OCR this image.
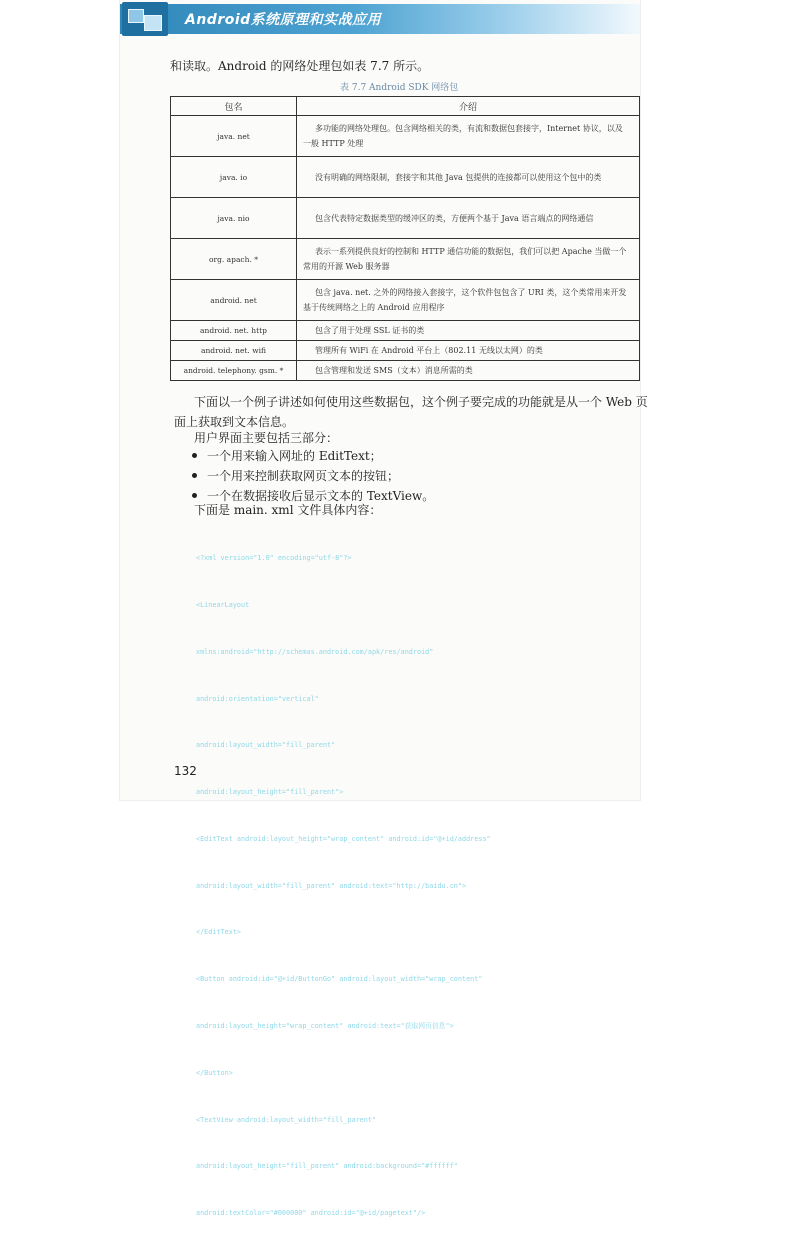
Android系统原理和实战应用
和读取。Android 的网络处理包如表 7.7 所示。
表 7.7 Android SDK 网络包
包名	介绍
java. net	多功能的网络处理包。包含网络相关的类，有流和数据包套接字，Internet 协议，以及一般 HTTP 处理
java. io	没有明确的网络限制，套接字和其他 Java 包提供的连接都可以使用这个包中的类
java. nio	包含代表特定数据类型的缓冲区的类，方便两个基于 Java 语言端点的网络通信
org. apach. *	表示一系列提供良好的控制和 HTTP 通信功能的数据包，我们可以把 Apache 当做一个常用的开源 Web 服务器
android. net	包含 java. net. 之外的网络接入套接字，这个软件包包含了 URI 类，这个类常用来开发基于传统网络之上的 Android 应用程序
android. net. http	包含了用于处理 SSL 证书的类
android. net. wifi	管理所有 WiFi 在 Android 平台上（802.11 无线以太网）的类
android. telephony. gsm. *	包含管理和发送 SMS（文本）消息所需的类
下面以一个例子讲述如何使用这些数据包，这个例子要完成的功能就是从一个 Web 页
面上获取到文本信息。
用户界面主要包括三部分：
一个用来输入网址的 EditText；
一个用来控制获取网页文本的按钮；
一个在数据接收后显示文本的 TextView。
下面是 main. xml 文件具体内容：

<?xml version="1.0" encoding="utf-8"?>

<LinearLayout

xmlns:android="http://schemas.android.com/apk/res/android"

android:orientation="vertical"

android:layout_width="fill_parent"

android:layout_height="fill_parent">

<EditText android:layout_height="wrap_content" android:id="@+id/address"

android:layout_width="fill_parent" android:text="http://baidu.cn">

</EditText>

<Button android:id="@+id/ButtonGo" android:layout_width="wrap_content"

android:layout_height="wrap_content" android:text="获取网页信息">

</Button>

<TextView android:layout_width="fill_parent"

android:layout_height="fill_parent" android:background="#ffffff"

android:textColor="#000000" android:id="@+id/pagetext"/>

132
